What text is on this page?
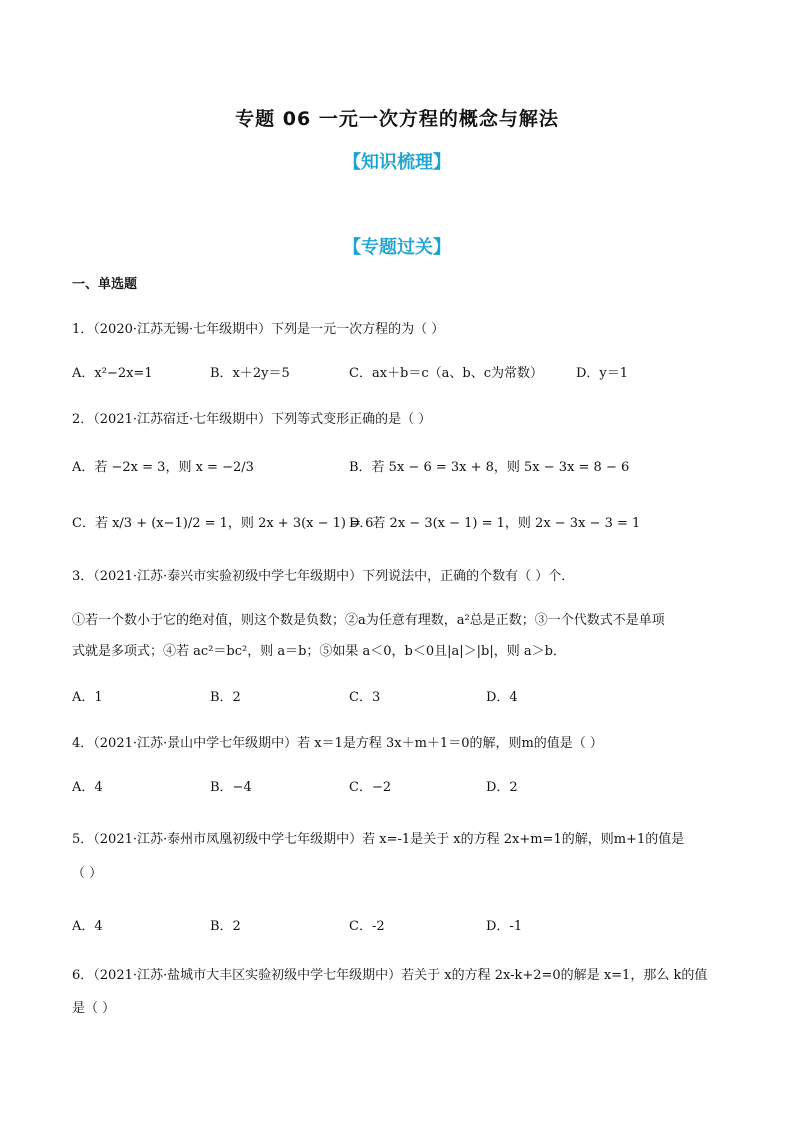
专题 06 一元一次方程的概念与解法
【知识梳理】
【专题过关】
一、单选题
1．（2020·江苏无锡·七年级期中）下列是一元一次方程的为（ ）
A．x²−2x=1	B．x＋2y＝5	C．ax＋b＝c（a、b、c为常数）	D．y＝1
2．（2021·江苏宿迁·七年级期中）下列等式变形正确的是（ ）
A．若 −2x = 3，则 x = −2/3	B．若 5x − 6 = 3x + 8，则 5x − 3x = 8 − 6
C．若 x/3 + (x−1)/2 = 1，则 2x + 3(x − 1) = 6
D．若 2x − 3(x − 1) = 1，则 2x − 3x − 3 = 1
3．（2021·江苏·泰兴市实验初级中学七年级期中）下列说法中，正确的个数有（ ）个．
①若一个数小于它的绝对值，则这个数是负数；②a为任意有理数，a²总是正数；③一个代数式不是单项
式就是多项式；④若 ac²＝bc²，则 a＝b；⑤如果 a＜0，b＜0且|a|＞|b|，则 a＞b．
A．1	B．2	C．3	D．4
4．（2021·江苏·景山中学七年级期中）若 x＝1是方程 3x＋m＋1＝0的解，则m的值是（ ）
A．4	B．−4	C．−2	D．2
5．（2021·江苏·泰州市凤凰初级中学七年级期中）若 x=-1是关于 x的方程 2x+m=1的解，则m+1的值是
（ ）
A．4	B．2	C．-2	D．-1
6．（2021·江苏·盐城市大丰区实验初级中学七年级期中）若关于 x的方程 2x-k+2=0的解是 x=1，那么 k的值
是（ ）
